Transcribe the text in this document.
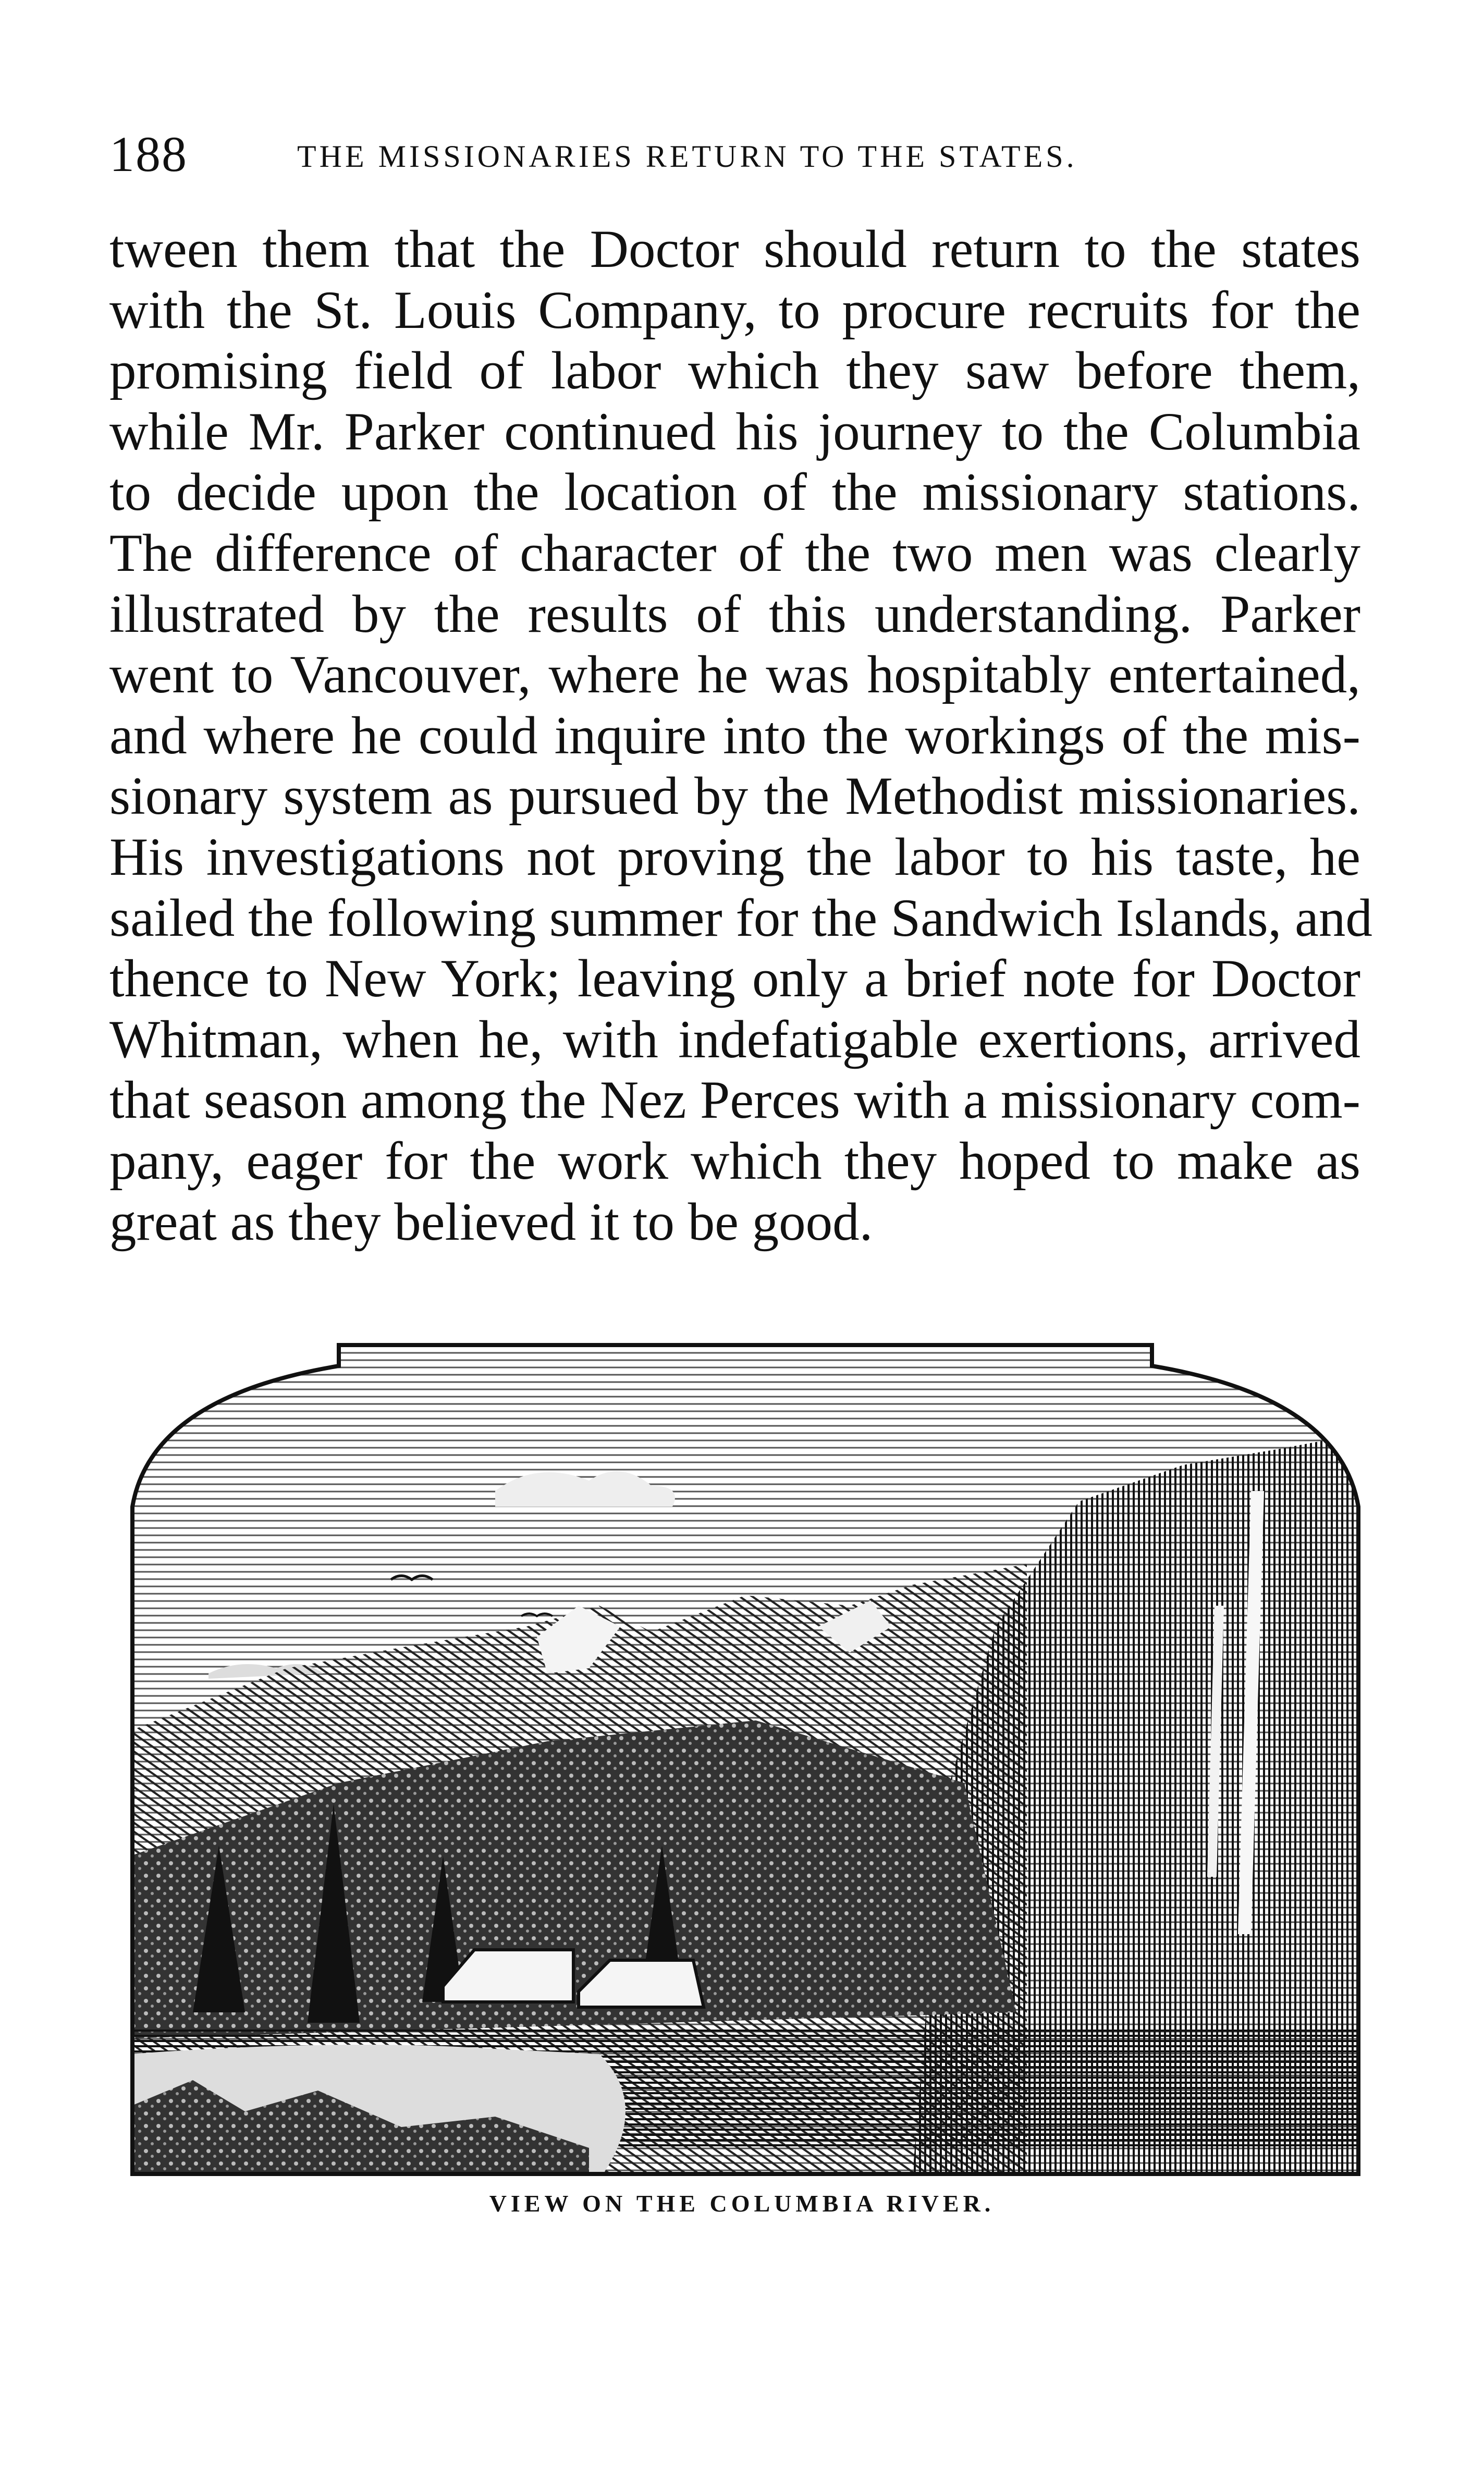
188	THE MISSIONARIES RETURN TO THE STATES.
tween them that the Doctor should return to the states
with the St. Louis Company, to procure recruits for the
promising field of labor which they saw before them,
while Mr. Parker continued his journey to the Columbia
to decide upon the location of the missionary stations.
The difference of character of the two men was clearly
illustrated by the results of this understanding. Parker
went to Vancouver, where he was hospitably entertained,
and where he could inquire into the workings of the mis-
sionary system as pursued by the Methodist missionaries.
His investigations not proving the labor to his taste, he
sailed the following summer for the Sandwich Islands, and
thence to New York; leaving only a brief note for Doctor
Whitman, when he, with indefatigable exertions, arrived
that season among the Nez Perces with a missionary com-
pany, eager for the work which they hoped to make as
great as they believed it to be good.
VIEW ON THE COLUMBIA RIVER.
